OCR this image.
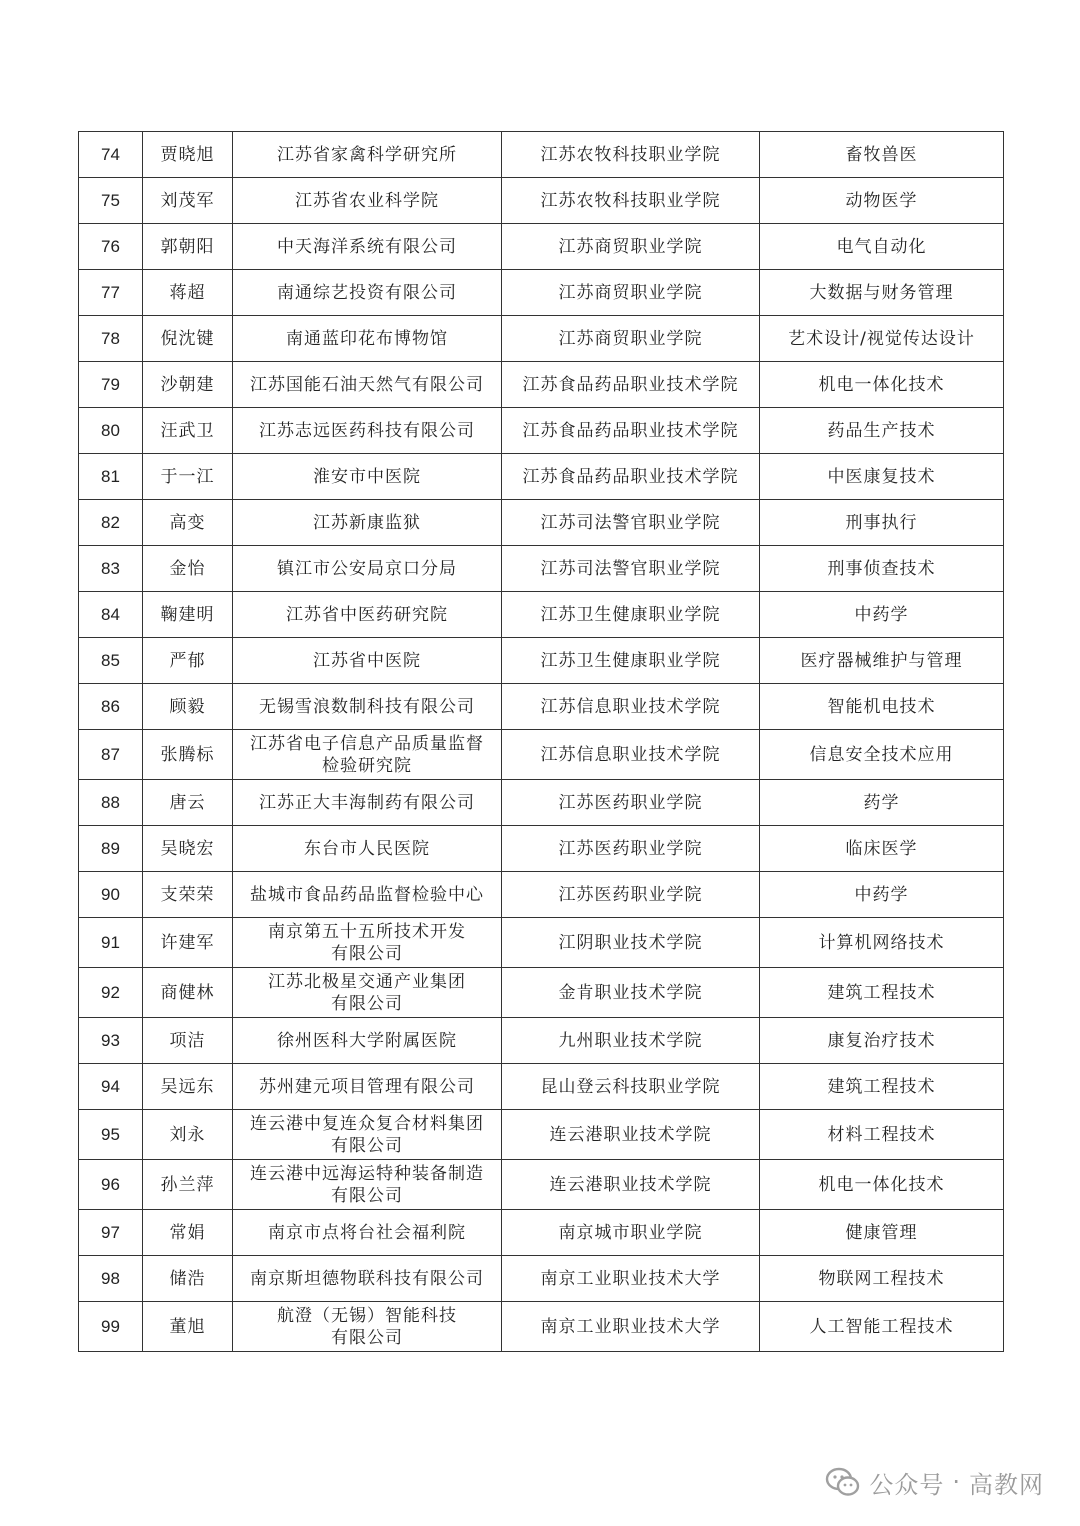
74	贾晓旭	江苏省家禽科学研究所	江苏农牧科技职业学院	畜牧兽医
75	刘茂军	江苏省农业科学院	江苏农牧科技职业学院	动物医学
76	郭朝阳	中天海洋系统有限公司	江苏商贸职业学院	电气自动化
77	蒋超	南通综艺投资有限公司	江苏商贸职业学院	大数据与财务管理
78	倪沈键	南通蓝印花布博物馆	江苏商贸职业学院	艺术设计/视觉传达设计
79	沙朝建	江苏国能石油天然气有限公司	江苏食品药品职业技术学院	机电一体化技术
80	汪武卫	江苏志远医药科技有限公司	江苏食品药品职业技术学院	药品生产技术
81	于一江	淮安市中医院	江苏食品药品职业技术学院	中医康复技术
82	高变	江苏新康监狱	江苏司法警官职业学院	刑事执行
83	金怡	镇江市公安局京口分局	江苏司法警官职业学院	刑事侦查技术
84	鞠建明	江苏省中医药研究院	江苏卫生健康职业学院	中药学
85	严郁	江苏省中医院	江苏卫生健康职业学院	医疗器械维护与管理
86	顾毅	无锡雪浪数制科技有限公司	江苏信息职业技术学院	智能机电技术
87	张腾标	江苏省电子信息产品质量监督
检验研究院	江苏信息职业技术学院	信息安全技术应用
88	唐云	江苏正大丰海制药有限公司	江苏医药职业学院	药学
89	吴晓宏	东台市人民医院	江苏医药职业学院	临床医学
90	支荣荣	盐城市食品药品监督检验中心	江苏医药职业学院	中药学
91	许建军	南京第五十五所技术开发
有限公司	江阴职业技术学院	计算机网络技术
92	商健林	江苏北极星交通产业集团
有限公司	金肯职业技术学院	建筑工程技术
93	项洁	徐州医科大学附属医院	九州职业技术学院	康复治疗技术
94	吴远东	苏州建元项目管理有限公司	昆山登云科技职业学院	建筑工程技术
95	刘永	连云港中复连众复合材料集团
有限公司	连云港职业技术学院	材料工程技术
96	孙兰萍	连云港中远海运特种装备制造
有限公司	连云港职业技术学院	机电一体化技术
97	常娟	南京市点将台社会福利院	南京城市职业学院	健康管理
98	储浩	南京斯坦德物联科技有限公司	南京工业职业技术大学	物联网工程技术
99	董旭	航澄（无锡）智能科技
有限公司	南京工业职业技术大学	人工智能工程技术
公众号 · 高教网
